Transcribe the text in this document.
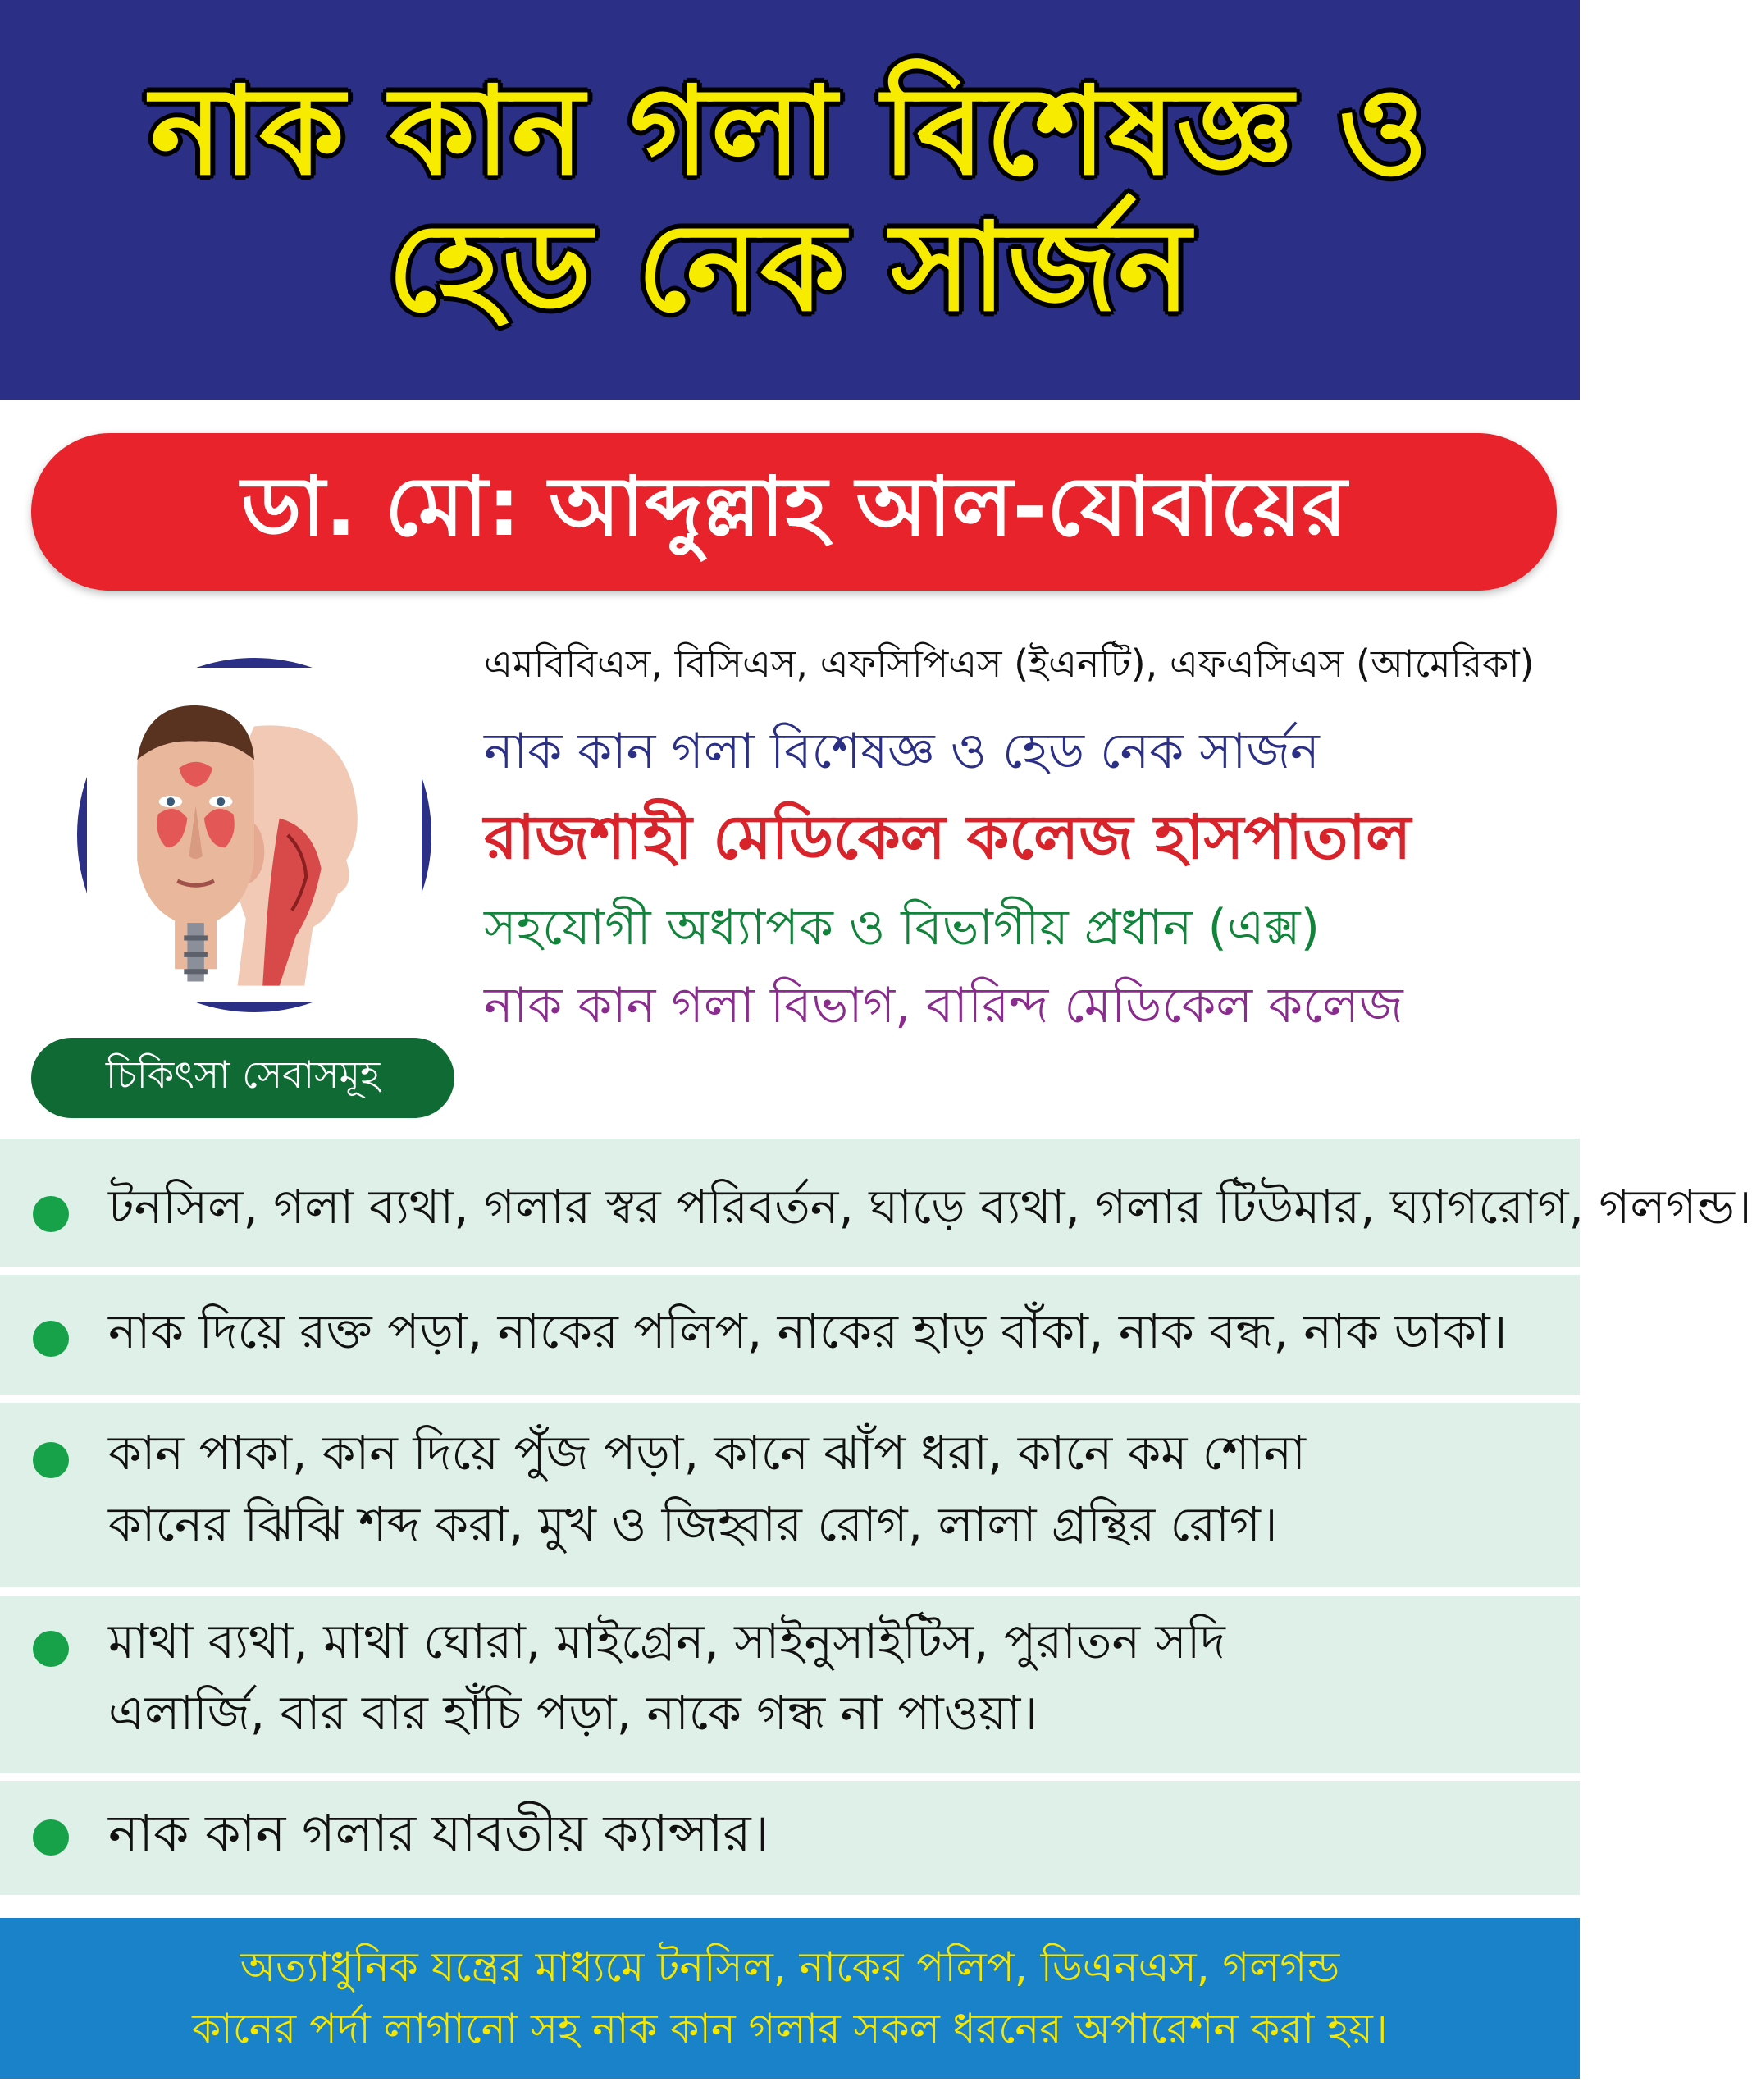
নাক কান গলা বিশেষজ্ঞ ও
হেড নেক সার্জন
ডা. মো: আব্দুল্লাহ আল-যোবায়ের
এমবিবিএস, বিসিএস, এফসিপিএস (ইএনটি), এফএসিএস (আমেরিকা)
নাক কান গলা বিশেষজ্ঞ ও হেড নেক সার্জন
রাজশাহী মেডিকেল কলেজ হাসপাতাল
সহযোগী অধ্যাপক ও বিভাগীয় প্রধান (এক্স)
নাক কান গলা বিভাগ, বারিন্দ মেডিকেল কলেজ
চিকিৎসা সেবাসমূহ
টনসিল, গলা ব্যথা, গলার স্বর পরিবর্তন, ঘাড়ে ব্যথা, গলার টিউমার, ঘ্যাগরোগ, গলগন্ড।
নাক দিয়ে রক্ত পড়া, নাকের পলিপ, নাকের হাড় বাঁকা, নাক বন্ধ, নাক ডাকা।
কান পাকা, কান দিয়ে পুঁজ পড়া, কানে ঝাঁপ ধরা, কানে কম শোনা
কানের ঝিঝি শব্দ করা, মুখ ও জিহ্বার রোগ, লালা গ্রন্থির রোগ।
মাথা ব্যথা, মাথা ঘোরা, মাইগ্রেন, সাইনুসাইটিস, পুরাতন সদি
এলার্জি, বার বার হাঁচি পড়া, নাকে গন্ধ না পাওয়া।
নাক কান গলার যাবতীয় ক্যান্সার।
অত্যাধুনিক যন্ত্রের মাধ্যমে টনসিল, নাকের পলিপ, ডিএনএস, গলগন্ড
কানের পর্দা লাগানো সহ নাক কান গলার সকল ধরনের অপারেশন করা হয়।
